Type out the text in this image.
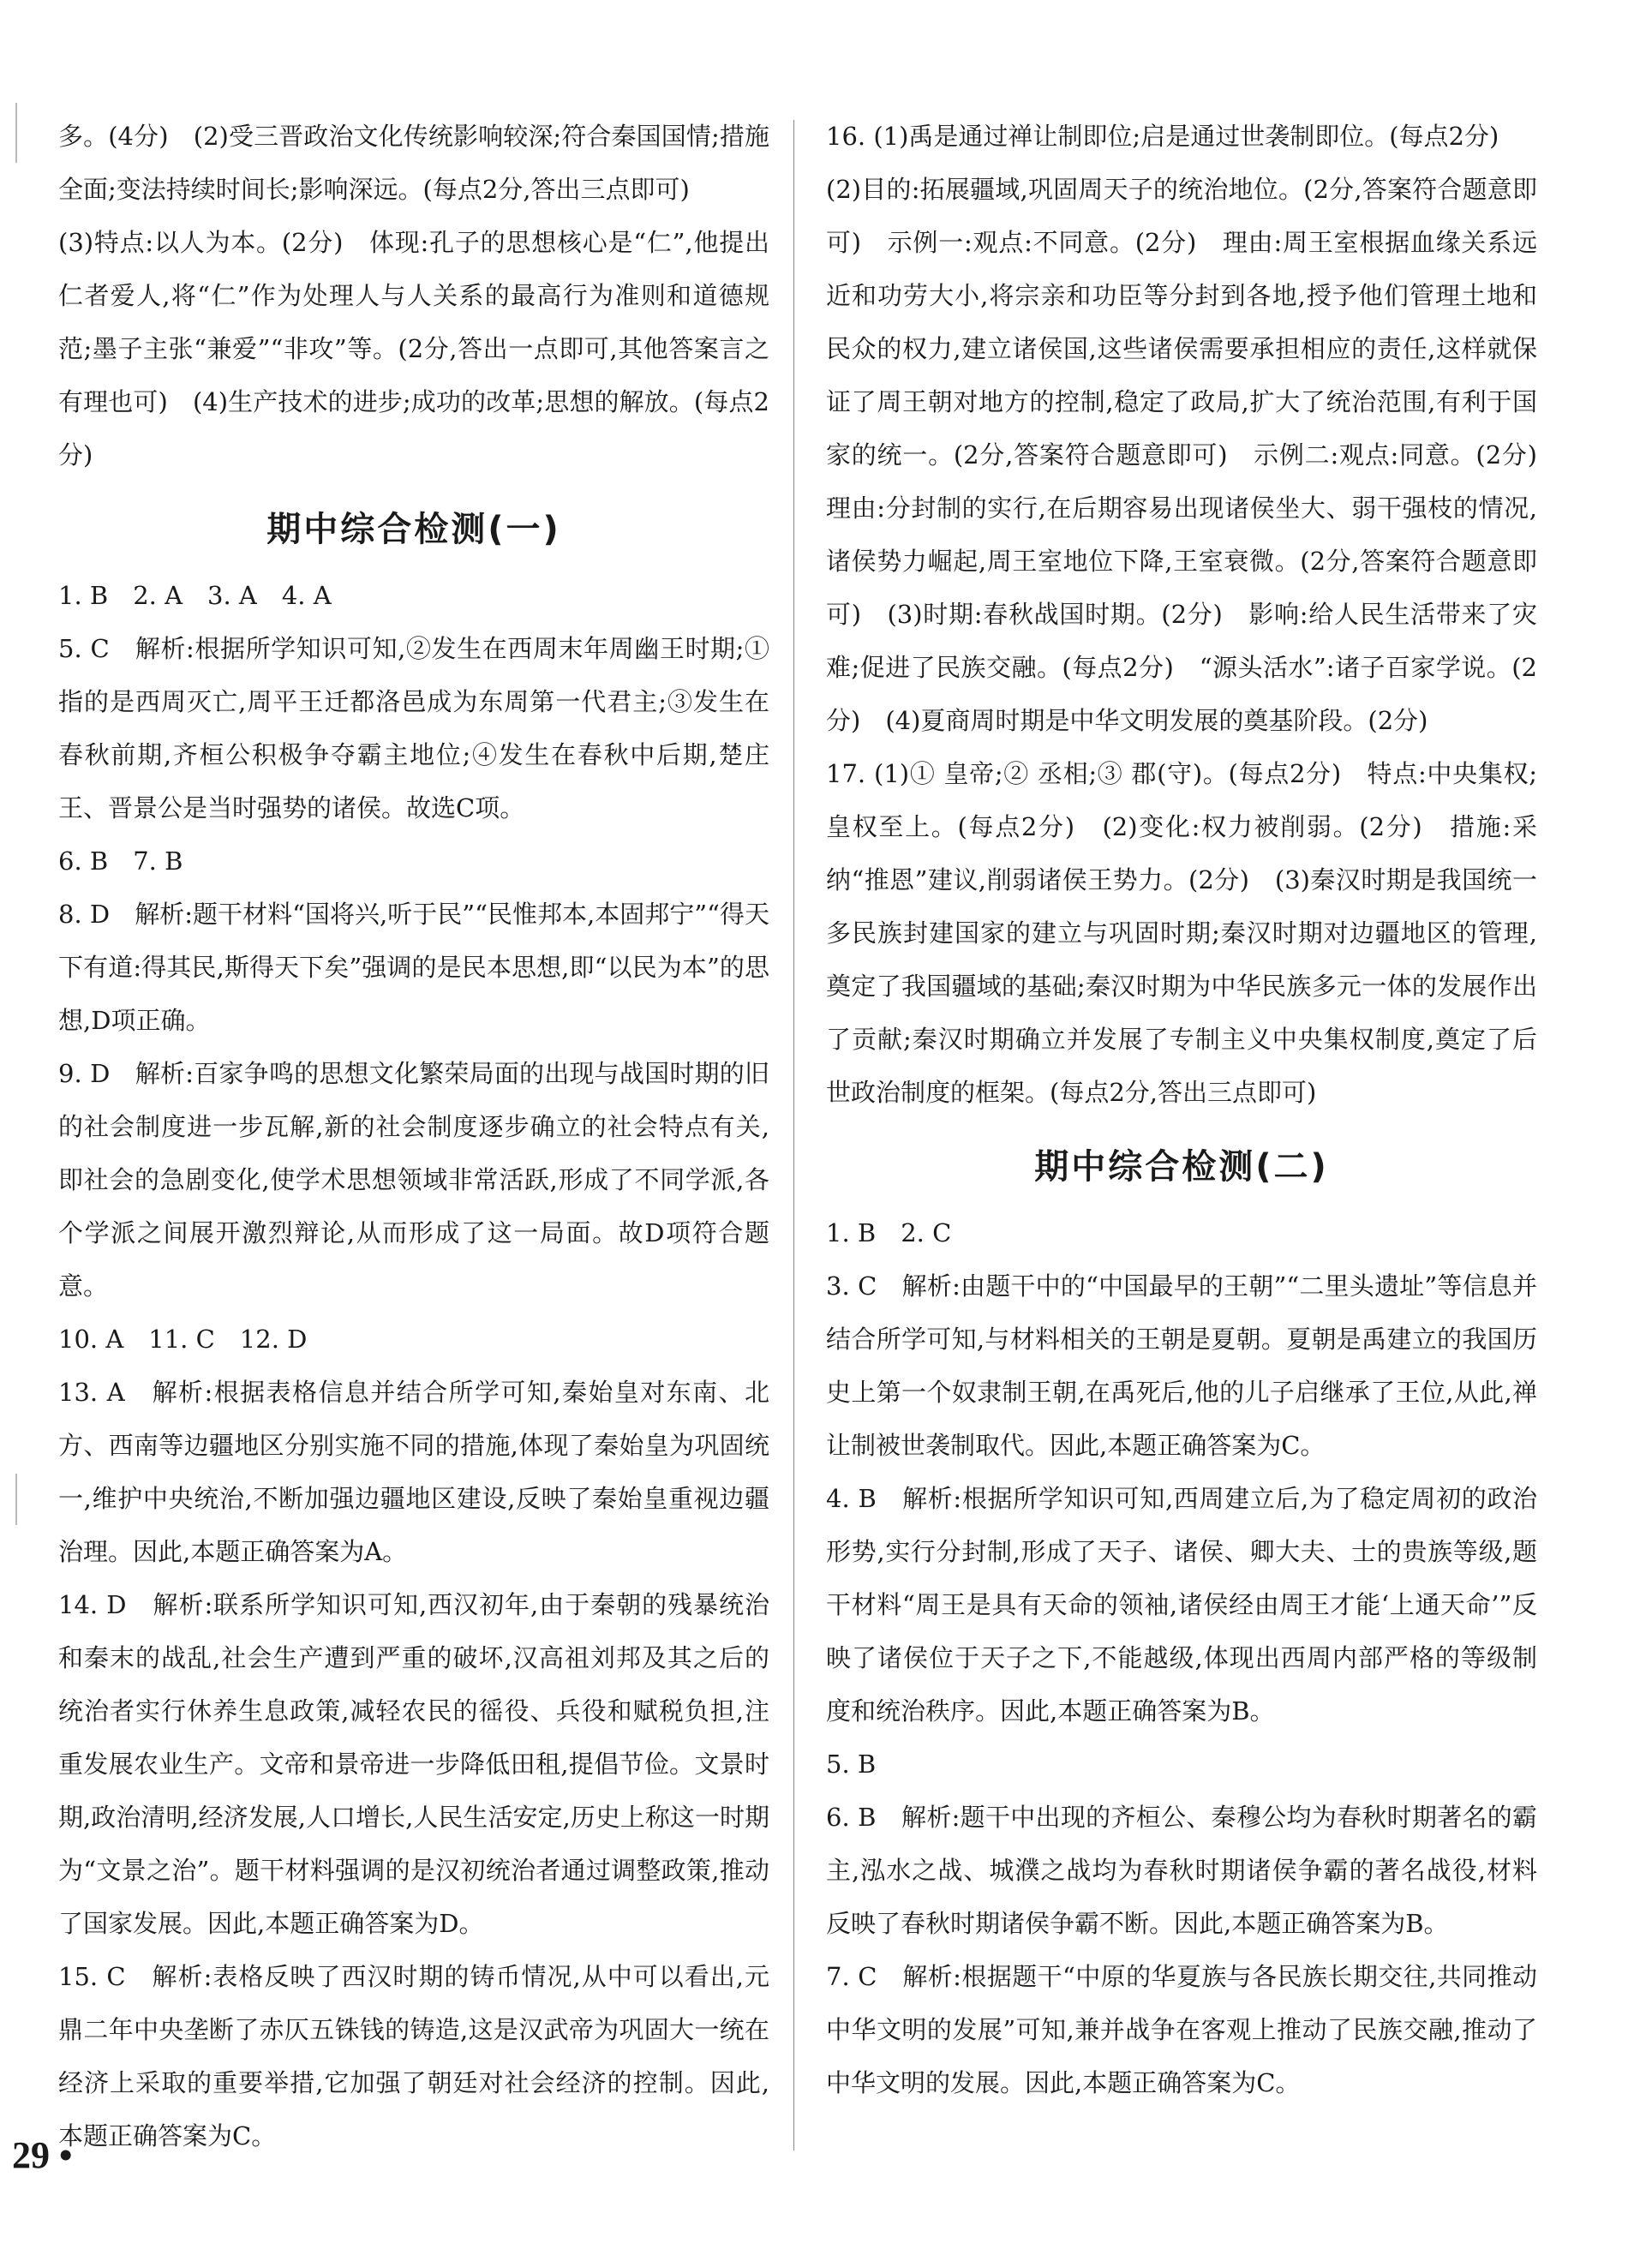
多。(4分)　(2)受三晋政治文化传统影响较深;符合秦国国情;措施全面;变法持续时间长;影响深远。(每点2分,答出三点即可)
(3)特点:以人为本。(2分)　体现:孔子的思想核心是“仁”,他提出仁者爱人,将“仁”作为处理人与人关系的最高行为准则和道德规范;墨子主张“兼爱”“非攻”等。(2分,答出一点即可,其他答案言之有理也可)　(4)生产技术的进步;成功的改革;思想的解放。(每点2分)
期中综合检测(一)
1. B　2. A　3. A　4. A
5. C　解析:根据所学知识可知,②发生在西周末年周幽王时期;①指的是西周灭亡,周平王迁都洛邑成为东周第一代君主;③发生在春秋前期,齐桓公积极争夺霸主地位;④发生在春秋中后期,楚庄王、晋景公是当时强势的诸侯。故选C项。
6. B　7. B
8. D　解析:题干材料“国将兴,听于民”“民惟邦本,本固邦宁”“得天下有道:得其民,斯得天下矣”强调的是民本思想,即“以民为本”的思想,D项正确。
9. D　解析:百家争鸣的思想文化繁荣局面的出现与战国时期的旧的社会制度进一步瓦解,新的社会制度逐步确立的社会特点有关,即社会的急剧变化,使学术思想领域非常活跃,形成了不同学派,各个学派之间展开激烈辩论,从而形成了这一局面。故D项符合题意。
10. A　11. C　12. D
13. A　解析:根据表格信息并结合所学可知,秦始皇对东南、北方、西南等边疆地区分别实施不同的措施,体现了秦始皇为巩固统一,维护中央统治,不断加强边疆地区建设,反映了秦始皇重视边疆治理。因此,本题正确答案为A。
14. D　解析:联系所学知识可知,西汉初年,由于秦朝的残暴统治和秦末的战乱,社会生产遭到严重的破坏,汉高祖刘邦及其之后的统治者实行休养生息政策,减轻农民的徭役、兵役和赋税负担,注重发展农业生产。文帝和景帝进一步降低田租,提倡节俭。文景时期,政治清明,经济发展,人口增长,人民生活安定,历史上称这一时期为“文景之治”。题干材料强调的是汉初统治者通过调整政策,推动了国家发展。因此,本题正确答案为D。
15. C　解析:表格反映了西汉时期的铸币情况,从中可以看出,元鼎二年中央垄断了赤仄五铢钱的铸造,这是汉武帝为巩固大一统在经济上采取的重要举措,它加强了朝廷对社会经济的控制。因此,本题正确答案为C。
16. (1)禹是通过禅让制即位;启是通过世袭制即位。(每点2分)
(2)目的:拓展疆域,巩固周天子的统治地位。(2分,答案符合题意即可)　示例一:观点:不同意。(2分)　理由:周王室根据血缘关系远近和功劳大小,将宗亲和功臣等分封到各地,授予他们管理土地和民众的权力,建立诸侯国,这些诸侯需要承担相应的责任,这样就保证了周王朝对地方的控制,稳定了政局,扩大了统治范围,有利于国家的统一。(2分,答案符合题意即可)　示例二:观点:同意。(2分)　理由:分封制的实行,在后期容易出现诸侯坐大、弱干强枝的情况,诸侯势力崛起,周王室地位下降,王室衰微。(2分,答案符合题意即可)　(3)时期:春秋战国时期。(2分)　影响:给人民生活带来了灾难;促进了民族交融。(每点2分)　“源头活水”:诸子百家学说。(2分)　(4)夏商周时期是中华文明发展的奠基阶段。(2分)
17. (1)① 皇帝;② 丞相;③ 郡(守)。(每点2分)　特点:中央集权;皇权至上。(每点2分)　(2)变化:权力被削弱。(2分)　措施:采纳“推恩”建议,削弱诸侯王势力。(2分)　(3)秦汉时期是我国统一多民族封建国家的建立与巩固时期;秦汉时期对边疆地区的管理,奠定了我国疆域的基础;秦汉时期为中华民族多元一体的发展作出了贡献;秦汉时期确立并发展了专制主义中央集权制度,奠定了后世政治制度的框架。(每点2分,答出三点即可)
期中综合检测(二)
1. B　2. C
3. C　解析:由题干中的“中国最早的王朝”“二里头遗址”等信息并结合所学可知,与材料相关的王朝是夏朝。夏朝是禹建立的我国历史上第一个奴隶制王朝,在禹死后,他的儿子启继承了王位,从此,禅让制被世袭制取代。因此,本题正确答案为C。
4. B　解析:根据所学知识可知,西周建立后,为了稳定周初的政治形势,实行分封制,形成了天子、诸侯、卿大夫、士的贵族等级,题干材料“周王是具有天命的领袖,诸侯经由周王才能‘上通天命’”反映了诸侯位于天子之下,不能越级,体现出西周内部严格的等级制度和统治秩序。因此,本题正确答案为B。
5. B
6. B　解析:题干中出现的齐桓公、秦穆公均为春秋时期著名的霸主,泓水之战、城濮之战均为春秋时期诸侯争霸的著名战役,材料反映了春秋时期诸侯争霸不断。因此,本题正确答案为B。
7. C　解析:根据题干“中原的华夏族与各民族长期交往,共同推动中华文明的发展”可知,兼并战争在客观上推动了民族交融,推动了中华文明的发展。因此,本题正确答案为C。
29 •
